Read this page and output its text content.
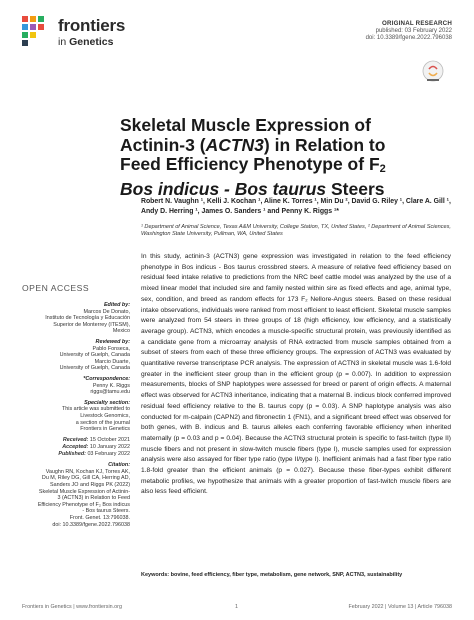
frontiers
in Genetics
ORIGINAL RESEARCH
published: 03 February 2022
doi: 10.3389/fgene.2022.796038
Skeletal Muscle Expression of
Actinin-3 (ACTN3) in Relation to
Feed Efficiency Phenotype of $F_2$
Bos indicus - Bos taurus Steers
Robert N. Vaughn ¹, Kelli J. Kochan ¹, Aline K. Torres ¹, Min Du ², David G. Riley ¹, Clare A. Gill ¹, Andy D. Herring ¹, James O. Sanders ¹ and Penny K. Riggs ¹*
¹ Department of Animal Science, Texas A&M University, College Station, TX, United States, ² Department of Animal Sciences,
Washington State University, Pullman, WA, United States
OPEN ACCESS
Edited by:
Marcos De Donato,
Instituto de Tecnología y Educación
Superior de Monterrey (ITESM),
Mexico
Reviewed by:
Pablo Fonseca,
University of Guelph, Canada
Marcio Duarte,
University of Guelph, Canada
*Correspondence:
Penny K. Riggs
riggs@tamu.edu
Specialty section:
This article was submitted to
Livestock Genomics,
a section of the journal
Frontiers in Genetics
Received: 15 October 2021
Accepted: 10 January 2022
Published: 03 February 2022
Citation:
Vaughn RN, Kochan KJ, Torres AK,
Du M, Riley DG, Gill CA, Herring AD,
Sanders JO and Riggs PK (2022)
Skeletal Muscle Expression of Actinin-
3 (ACTN3) in Relation to Feed
Efficiency Phenotype of F₂ Bos indicus
- Bos taurus Steers.
Front. Genet. 13:796038.
doi: 10.3389/fgene.2022.796038
In this study, actinin-3 (ACTN3) gene expression was investigated in relation to the feed efficiency phenotype in Bos indicus - Bos taurus crossbred steers. A measure of relative feed efficiency based on residual feed intake relative to predictions from the NRC beef cattle model was analyzed by the use of a mixed linear model that included sire and family nested within sire as fixed effects and age, animal type, sex, condition, and breed as random effects for 173 F₂ Nellore-Angus steers. Based on these residual intake observations, individuals were ranked from most efficient to least efficient. Skeletal muscle samples were analyzed from 54 steers in three groups of 18 (high efficiency, low efficiency, and a statistically average group). ACTN3, which encodes a muscle-specific structural protein, was previously identified as a candidate gene from a microarray analysis of RNA extracted from muscle samples obtained from a subset of steers from each of these three efficiency groups. The expression of ACTN3 was evaluated by quantitative reverse transcriptase PCR analysis. The expression of ACTN3 in skeletal muscle was 1.6-fold greater in the inefficient steer group than in the efficient group (p = 0.007). In addition to expression measurements, blocks of SNP haplotypes were assessed for breed or parent of origin effects. A maternal effect was observed for ACTN3 inheritance, indicating that a maternal B. indicus block conferred improved residual feed efficiency relative to the B. taurus copy (p = 0.03). A SNP haplotype analysis was also conducted for m-calpain (CAPN2) and fibronectin 1 (FN1), and a significant breed effect was observed for both genes, with B. indicus and B. taurus alleles each conferring favorable efficiency when inherited maternally (p = 0.03 and p = 0.04). Because the ACTN3 structural protein is specific to fast-twitch (type II) muscle fibers and not present in slow-twitch muscle fibers (type I), muscle samples used for expression analysis were also assayed for fiber type ratio (type II/type I). Inefficient animals had a fast fiber type ratio 1.8-fold greater than the efficient animals (p = 0.027). Because these fiber-types exhibit different metabolic profiles, we hypothesize that animals with a greater proportion of fast-twitch muscle fibers are also less feed efficient.
Keywords: bovine, feed efficiency, fiber type, metabolism, gene network, SNP, ACTN3, sustainability
Frontiers in Genetics | www.frontiersin.org	1	February 2022 | Volume 13 | Article 796038
